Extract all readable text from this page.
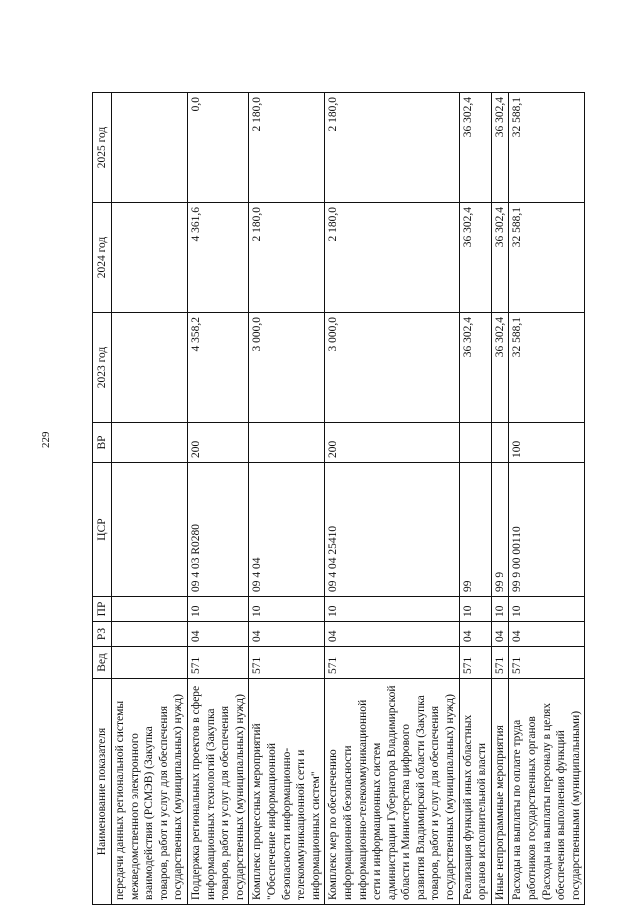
229
Наименование показателя	Вед	РЗ	ПР	ЦСР	ВР	2023 год	2024 год	2025 год
передачи данных региональной системы межведомственного электронного взаимодействия (РСМЭВ) (Закупка товаров, работ и услуг для обеспечения государственных (муниципальных) нужд)								
Поддержка региональных проектов в сфере информационных технологий (Закупка товаров, работ и услуг для обеспечения государственных (муниципальных) нужд)	571	04	10	09 4 03 R0280	200	4 358,2	4 361,6	0,0
Комплекс процессных мероприятий "Обеспечение информационной безопасности информационно-телекоммуникационной сети и информационных систем"	571	04	10	09 4 04		3 000,0	2 180,0	2 180,0
Комплекс мер по обеспечению информационной безопасности информационно-телекоммуникационной сети и информационных систем администрации Губернатора Владимирской области и Министерства цифрового развития Владимирской области (Закупка товаров, работ и услуг для обеспечения государственных (муниципальных) нужд)	571	04	10	09 4 04 25410	200	3 000,0	2 180,0	2 180,0
Реализация функций иных областных органов исполнительной власти	571	04	10	99		36 302,4	36 302,4	36 302,4
Иные непрограммные мероприятия	571	04	10	99 9		36 302,4	36 302,4	36 302,4
Расходы на выплаты по оплате труда работников государственных органов (Расходы на выплаты персоналу в целях обеспечения выполнения функций государственными (муниципальными)	571	04	10	99 9 00 00110	100	32 588,1	32 588,1	32 588,1
